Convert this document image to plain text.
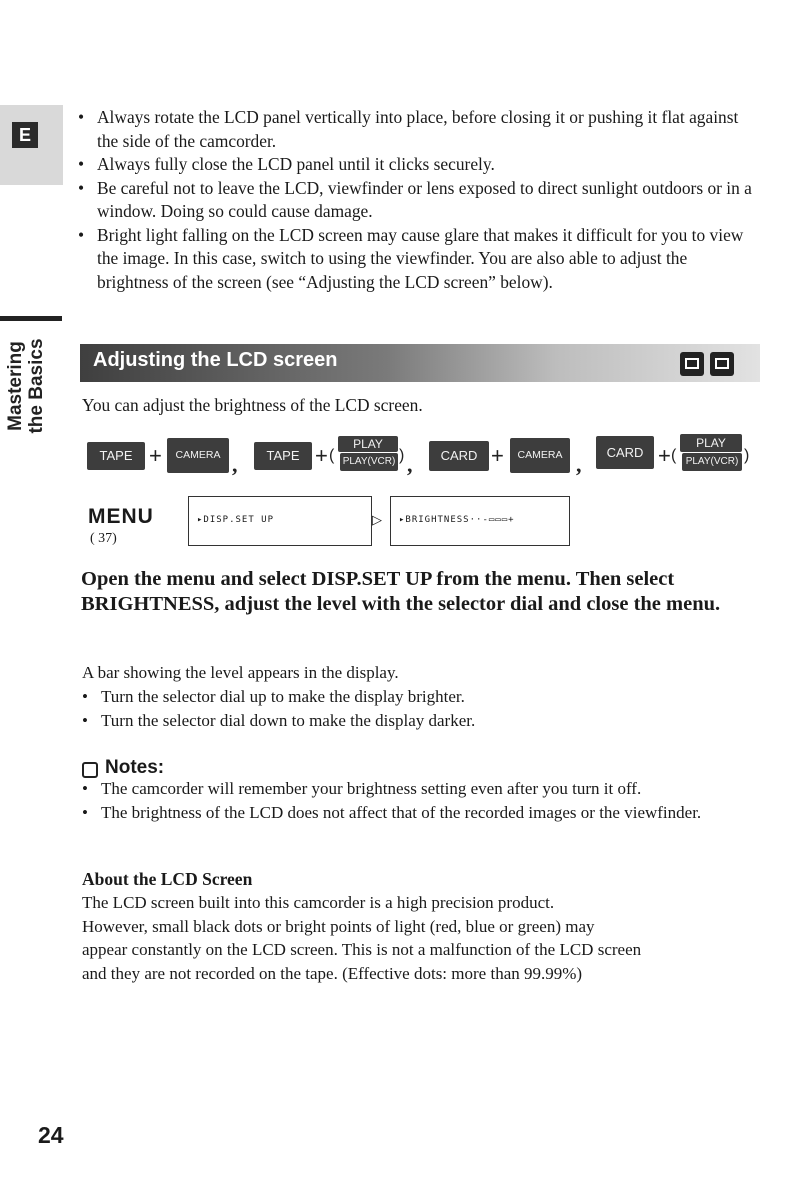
E
Mastering the Basics
• Always rotate the LCD panel vertically into place, before closing it or pushing it flat against the side of the camcorder.
• Always fully close the LCD panel until it clicks securely.
• Be careful not to leave the LCD, viewfinder or lens exposed to direct sunlight outdoors or in a window. Doing so could cause damage.
• Bright light falling on the LCD screen may cause glare that makes it difficult for you to view the image. In this case, switch to using the viewfinder. You are also able to adjust the brightness of the screen (see “Adjusting the LCD screen” below).
Adjusting the LCD screen
You can adjust the brightness of the LCD screen.
TAPE +	CAMERA ,	TAPE + (
PLAY
PLAY(VCR) ) ,	CARD +	CAMERA ,	CARD + (
PLAY
PLAY(VCR) )
MENU
( 37)
▸DISP.SET UP	▷ ▸BRIGHTNESS··-▭▭▭+
Open the menu and select DISP.SET UP from the menu. Then select BRIGHTNESS, adjust the level with the selector dial and close the menu.
A bar showing the level appears in the display.
• Turn the selector dial up to make the display brighter.
• Turn the selector dial down to make the display darker.
Notes:
• The camcorder will remember your brightness setting even after you turn it off.
• The brightness of the LCD does not affect that of the recorded images or the viewfinder.
About the LCD Screen
The LCD screen built into this camcorder is a high precision product.
However, small black dots or bright points of light (red, blue or green) may
appear constantly on the LCD screen. This is not a malfunction of the LCD screen
and they are not recorded on the tape. (Effective dots: more than 99.99%)
24
